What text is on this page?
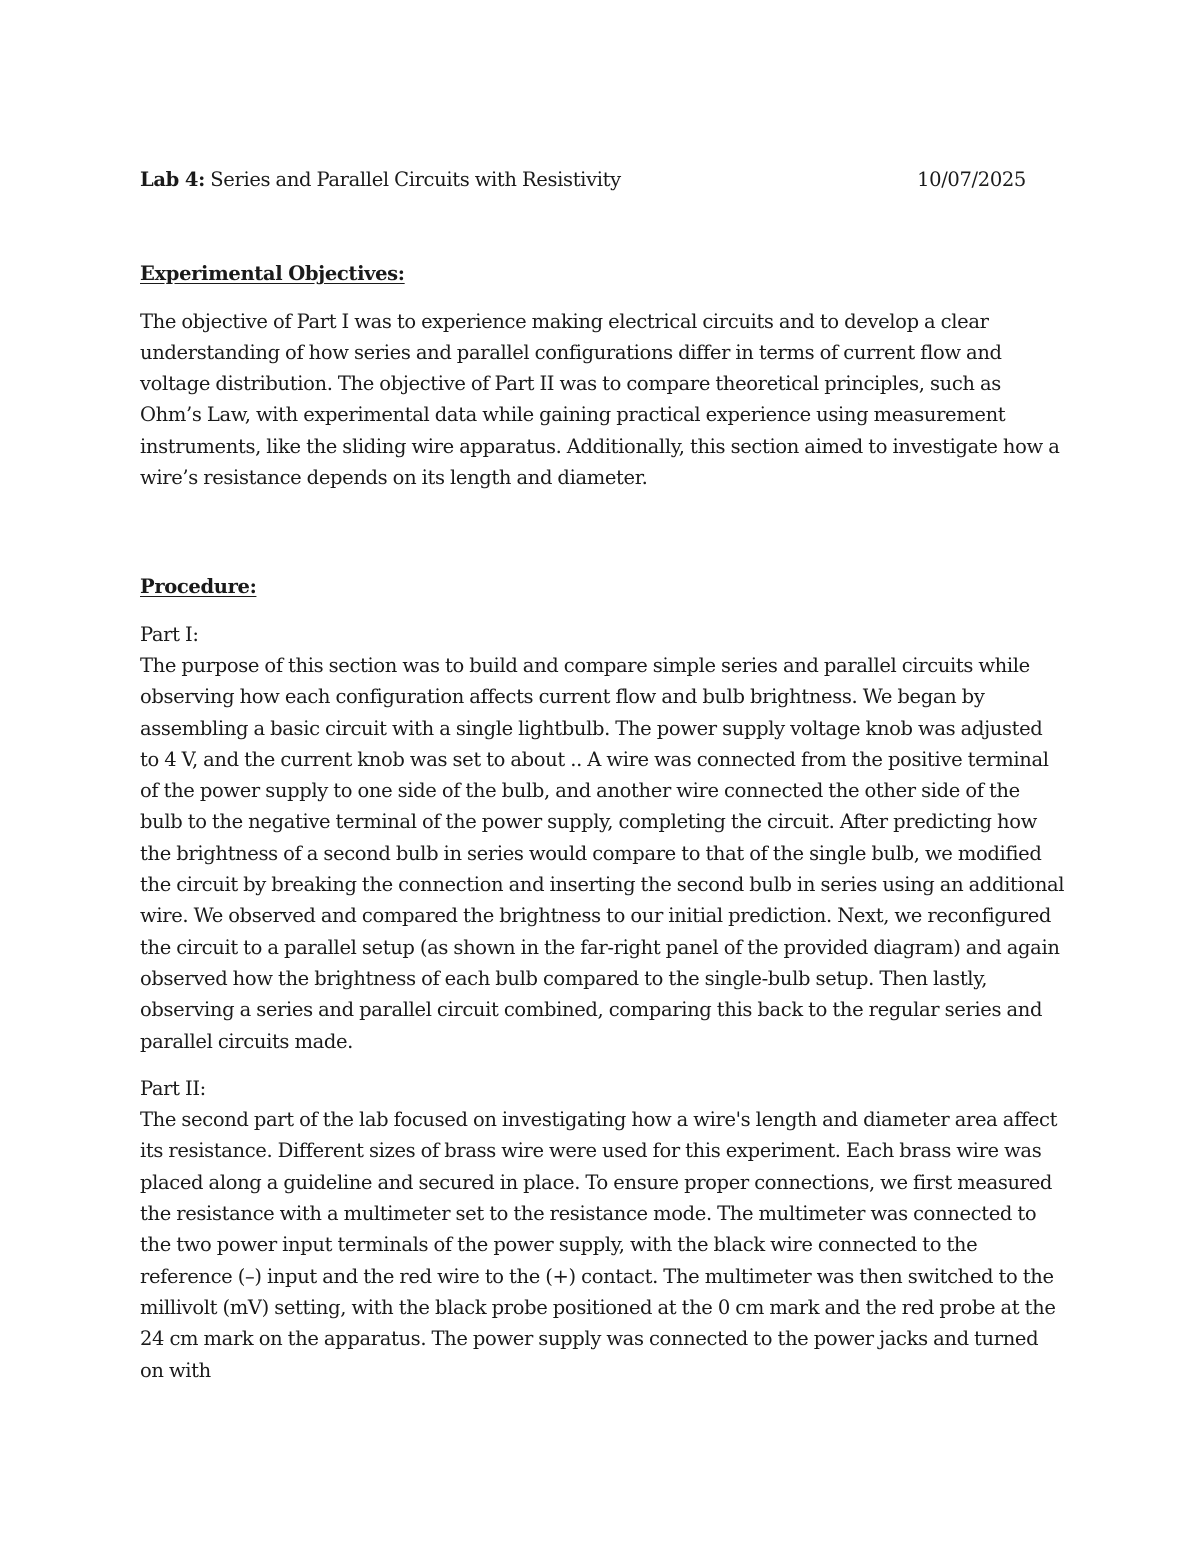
Lab 4: Series and Parallel Circuits with Resistivity	10/07/2025

Experimental Objectives:

The objective of Part I was to experience making electrical circuits and to develop a clear understanding of how series and parallel configurations differ in terms of current flow and voltage distribution. The objective of Part II was to compare theoretical principles, such as Ohm’s Law, with experimental data while gaining practical experience using measurement instruments, like the sliding wire apparatus. Additionally, this section aimed to investigate how a wire’s resistance depends on its length and diameter.

Procedure:

Part I:

The purpose of this section was to build and compare simple series and parallel circuits while observing how each configuration affects current flow and bulb brightness. We began by assembling a basic circuit with a single lightbulb. The power supply voltage knob was adjusted to 4 V, and the current knob was set to about .. A wire was connected from the positive terminal of the power supply to one side of the bulb, and another wire connected the other side of the bulb to the negative terminal of the power supply, completing the circuit. After predicting how the brightness of a second bulb in series would compare to that of the single bulb, we modified the circuit by breaking the connection and inserting the second bulb in series using an additional wire. We observed and compared the brightness to our initial prediction. Next, we reconfigured the circuit to a parallel setup (as shown in the far-right panel of the provided diagram) and again observed how the brightness of each bulb compared to the single-bulb setup. Then lastly, observing a series and parallel circuit combined, comparing this back to the regular series and parallel circuits made.

Part II:

The second part of the lab focused on investigating how a wire's length and diameter area affect its resistance. Different sizes of brass wire were used for this experiment. Each brass wire was placed along a guideline and secured in place. To ensure proper connections, we first measured the resistance with a multimeter set to the resistance mode. The multimeter was connected to the two power input terminals of the power supply, with the black wire connected to the reference (–) input and the red wire to the (+) contact. The multimeter was then switched to the millivolt (mV) setting, with the black probe positioned at the 0 cm mark and the red probe at the 24 cm mark on the apparatus. The power supply was connected to the power jacks and turned on with
